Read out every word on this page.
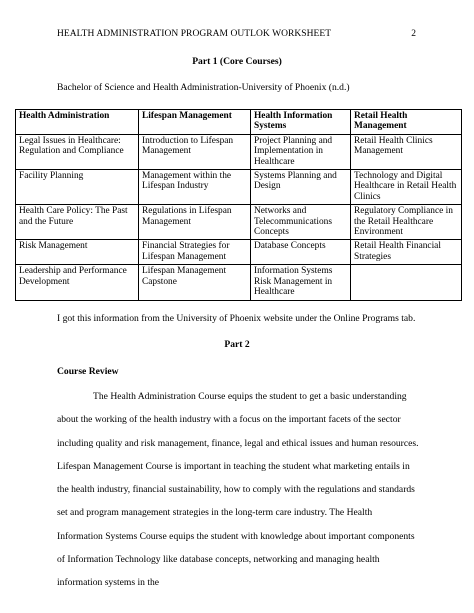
HEALTH ADMINISTRATION PROGRAM OUTLOK WORKSHEET	2
Part 1 (Core Courses)
Bachelor of Science and Health Administration-University of Phoenix (n.d.)
Health Administration	Lifespan Management	Health Information Systems	Retail Health Management
Legal Issues in Healthcare: Regulation and Compliance	Introduction to Lifespan Management	Project Planning and Implementation in Healthcare	Retail Health Clinics Management
Facility Planning	Management within the Lifespan Industry	Systems Planning and Design	Technology and Digital Healthcare in Retail Health Clinics
Health Care Policy: The Past and the Future	Regulations in Lifespan Management	Networks and Telecommunications Concepts	Regulatory Compliance in the Retail Healthcare Environment
Risk Management	Financial Strategies for Lifespan Management	Database Concepts	Retail Health Financial Strategies
Leadership and Performance Development	Lifespan Management Capstone	Information Systems Risk Management in Healthcare	
I got this information from the University of Phoenix website under the Online Programs tab.
Part 2
Course Review

The Health Administration Course equips the student to get a basic understanding about the working of the health industry with a focus on the important facets of the sector including quality and risk management, finance, legal and ethical issues and human resources. Lifespan Management Course is important in teaching the student what marketing entails in the health industry, financial sustainability, how to comply with the regulations and standards set and program management strategies in the long-term care industry. The Health Information Systems Course equips the student with knowledge about important components of Information Technology like database concepts, networking and managing health information systems in the
